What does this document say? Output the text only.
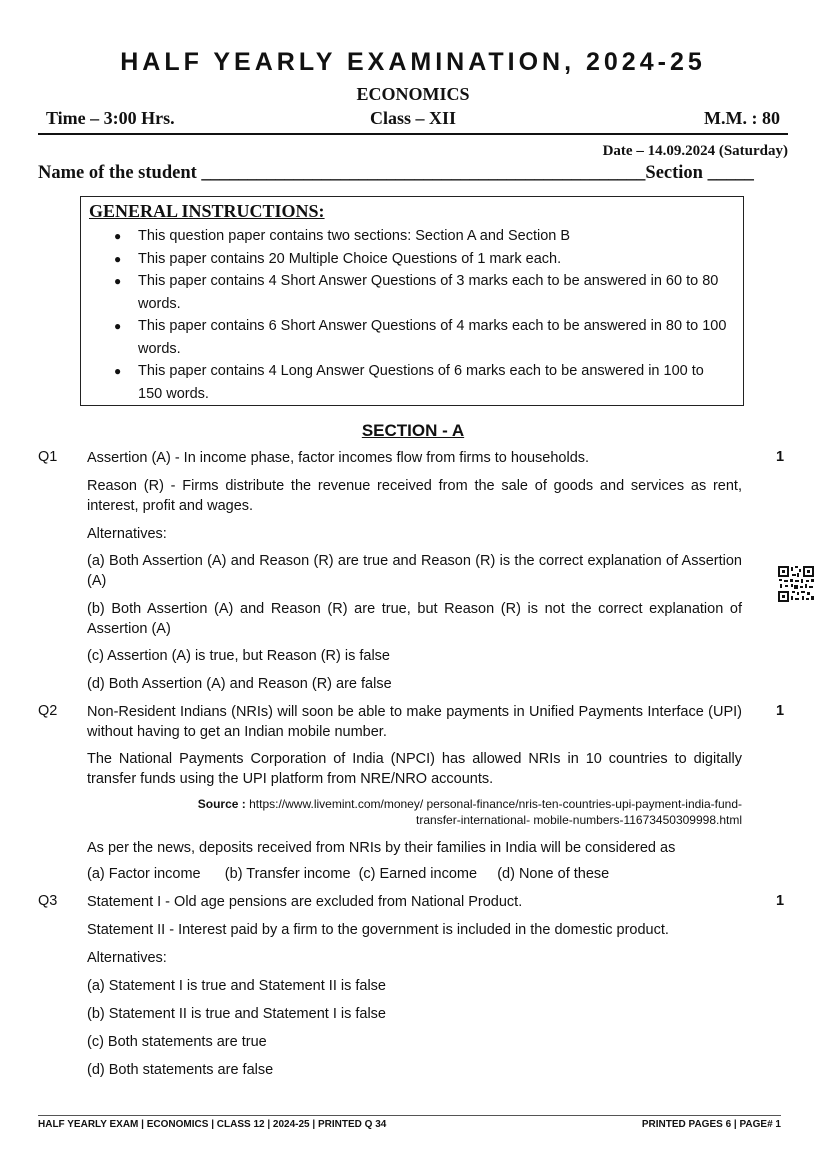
HALF YEARLY EXAMINATION, 2024-25
ECONOMICS
Time – 3:00 Hrs.	Class – XII	M.M. : 80
Date – 14.09.2024 (Saturday)
Name of the student ________________________________________________Section _____
GENERAL INSTRUCTIONS:
● This question paper contains two sections: Section A and Section B
● This paper contains 20 Multiple Choice Questions of 1 mark each.
● This paper contains 4 Short Answer Questions of 3 marks each to be answered in 60 to 80 words.
● This paper contains 6 Short Answer Questions of 4 marks each to be answered in 80 to 100 words.
● This paper contains 4 Long Answer Questions of 6 marks each to be answered in 100 to 150 words.
SECTION - A
Q1	1
Assertion (A) - In income phase, factor incomes flow from firms to households.
Reason (R) - Firms distribute the revenue received from the sale of goods and services as rent, interest, profit and wages.
Alternatives:
(a) Both Assertion (A) and Reason (R) are true and Reason (R) is the correct explanation of Assertion (A)
(b) Both Assertion (A) and Reason (R) are true, but Reason (R) is not the correct explanation of Assertion (A)
(c) Assertion (A) is true, but Reason (R) is false
(d) Both Assertion (A) and Reason (R) are false
Q2	1
Non-Resident Indians (NRIs) will soon be able to make payments in Unified Payments Interface (UPI) without having to get an Indian mobile number.
The National Payments Corporation of India (NPCI) has allowed NRIs in 10 countries to digitally transfer funds using the UPI platform from NRE/NRO accounts.
Source : https://www.livemint.com/money/ personal-finance/nris-ten-countries-upi-payment-india-fund-
transfer-international- mobile-numbers-11673450309998.html
As per the news, deposits received from NRIs by their families in India will be considered as
(a) Factor income (b) Transfer income (c) Earned income (d) None of these
Q3	1
Statement I - Old age pensions are excluded from National Product.
Statement II - Interest paid by a firm to the government is included in the domestic product.
Alternatives:
(a) Statement I is true and Statement II is false
(b) Statement II is true and Statement I is false
(c) Both statements are true
(d) Both statements are false
HALF YEARLY EXAM | ECONOMICS | CLASS 12 | 2024-25 | PRINTED Q 34	PRINTED PAGES 6 | PAGE# 1
